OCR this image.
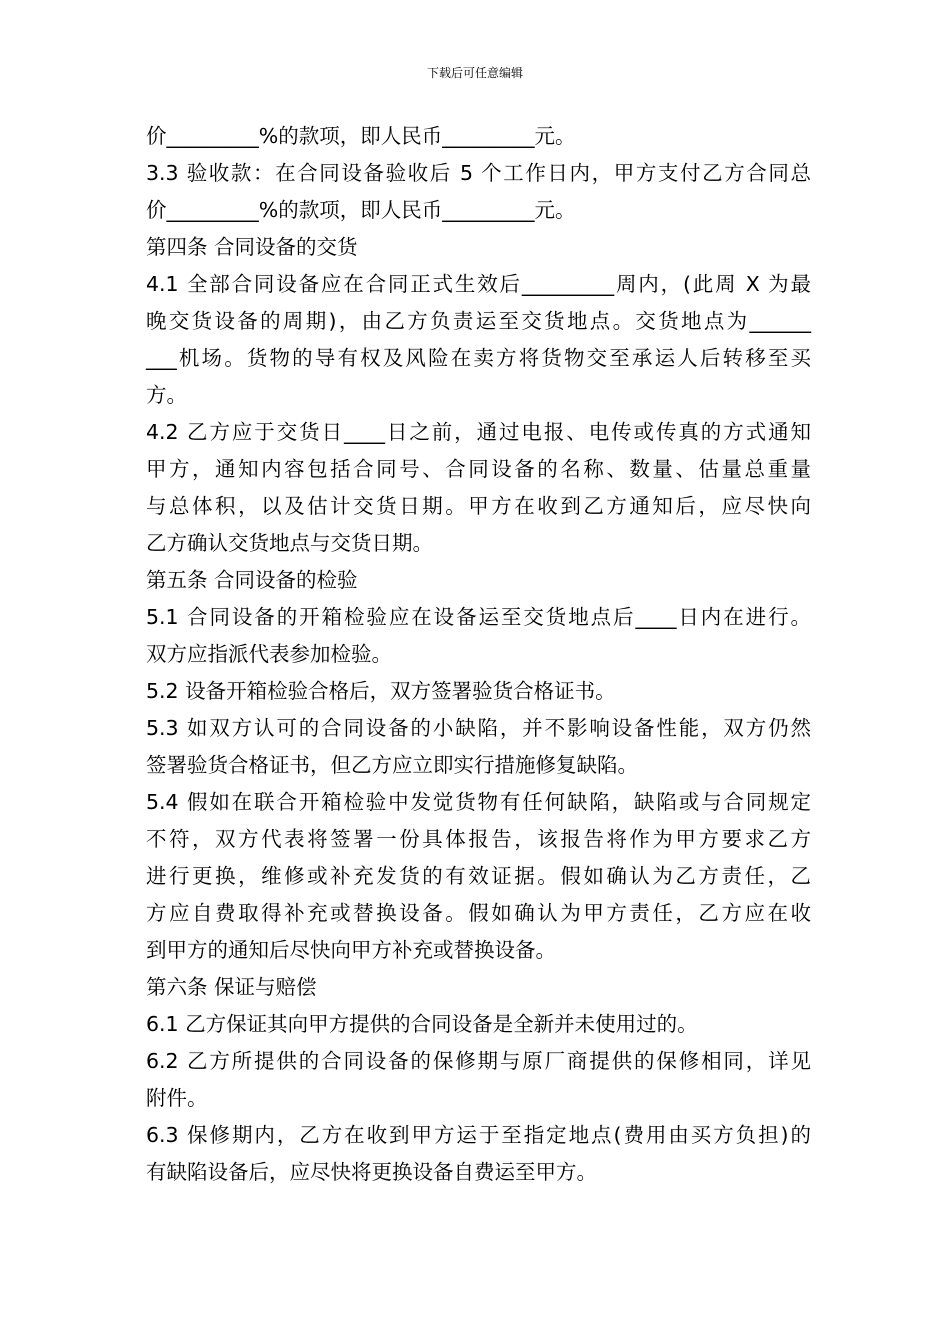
下载后可任意编辑
价_________%的款项，即人民币_________元。
3.3 验收款：在合同设备验收后 5 个工作日内，甲方支付乙方合同总
价_________%的款项，即人民币_________元。
第四条 合同设备的交货
4.1 全部合同设备应在合同正式生效后_________周内，(此周 X 为最
晚交货设备的周期)，由乙方负责运至交货地点。交货地点为______
___机场。货物的导有权及风险在卖方将货物交至承运人后转移至买
方。
4.2 乙方应于交货日____日之前，通过电报、电传或传真的方式通知
甲方，通知内容包括合同号、合同设备的名称、数量、估量总重量
与总体积，以及估计交货日期。甲方在收到乙方通知后，应尽快向
乙方确认交货地点与交货日期。
第五条 合同设备的检验
5.1 合同设备的开箱检验应在设备运至交货地点后____日内在进行。
双方应指派代表参加检验。
5.2 设备开箱检验合格后，双方签署验货合格证书。
5.3 如双方认可的合同设备的小缺陷，并不影响设备性能，双方仍然
签署验货合格证书，但乙方应立即实行措施修复缺陷。
5.4 假如在联合开箱检验中发觉货物有任何缺陷，缺陷或与合同规定
不符，双方代表将签署一份具体报告，该报告将作为甲方要求乙方
进行更换，维修或补充发货的有效证据。假如确认为乙方责任，乙
方应自费取得补充或替换设备。假如确认为甲方责任，乙方应在收
到甲方的通知后尽快向甲方补充或替换设备。
第六条 保证与赔偿
6.1 乙方保证其向甲方提供的合同设备是全新并未使用过的。
6.2 乙方所提供的合同设备的保修期与原厂商提供的保修相同，详见
附件。
6.3 保修期内，乙方在收到甲方运于至指定地点(费用由买方负担)的
有缺陷设备后，应尽快将更换设备自费运至甲方。
